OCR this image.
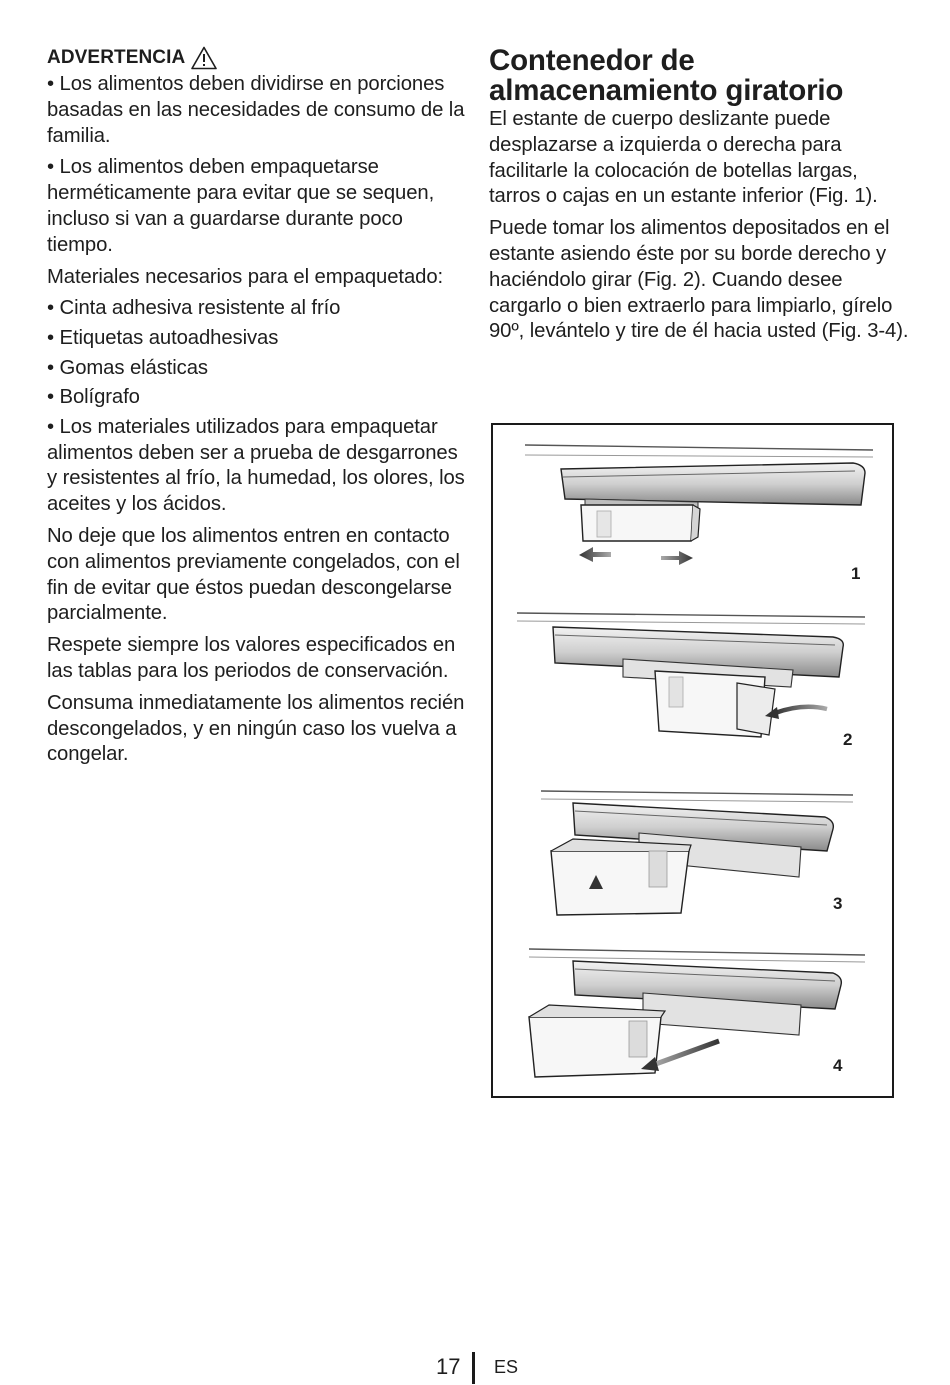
ADVERTENCIA

• Los alimentos deben dividirse en porciones basadas en las necesidades de consumo de la familia.

• Los alimentos deben empaquetarse herméticamente para evitar que se sequen, incluso si van a guardarse durante poco tiempo.

Materiales necesarios para el empaquetado:

• Cinta adhesiva resistente al frío

• Etiquetas autoadhesivas

• Gomas elásticas

• Bolígrafo

• Los materiales utilizados para empaquetar alimentos deben ser a prueba de desgarrones y resistentes al frío, la humedad, los olores, los aceites y los ácidos.

No deje que los alimentos entren en contacto con alimentos previamente congelados, con el fin de evitar que éstos puedan descongelarse parcialmente.

Respete siempre los valores especificados en las tablas para los periodos de conservación.

Consuma inmediatamente los alimentos recién descongelados, y en ningún caso los vuelva a congelar.

Contenedor de almacenamiento giratorio

El estante de cuerpo deslizante puede desplazarse a izquierda o derecha para facilitarle la colocación de botellas largas, tarros o cajas en un estante inferior (Fig. 1).

Puede tomar los alimentos depositados en el estante asiendo éste por su borde derecho y haciéndolo girar (Fig. 2). Cuando desee cargarlo o bien extraerlo para limpiarlo, gírelo 90º, levántelo y tire de él hacia usted (Fig. 3-4).

1
2
3
4
17 ES
